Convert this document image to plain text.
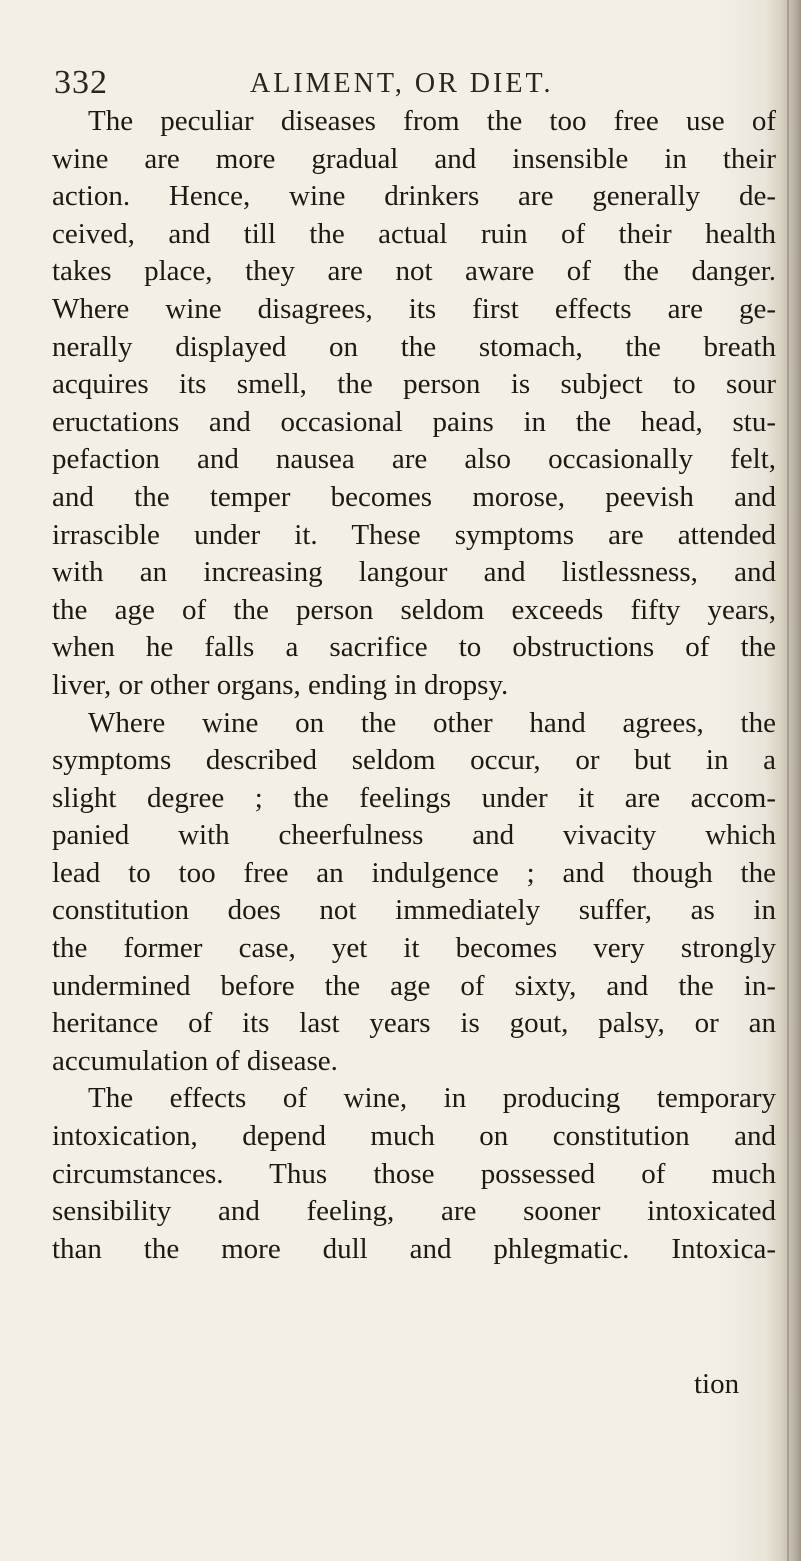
332	ALIMENT, OR DIET.
The peculiar diseases from the too free use of
wine are more gradual and insensible in their
action. Hence, wine drinkers are generally de-
ceived, and till the actual ruin of their health
takes place, they are not aware of the danger.
Where wine disagrees, its first effects are ge-
nerally displayed on the stomach, the breath
acquires its smell, the person is subject to sour
eructations and occasional pains in the head, stu-
pefaction and nausea are also occasionally felt,
and the temper becomes morose, peevish and
irrascible under it. These symptoms are attended
with an increasing langour and listlessness, and
the age of the person seldom exceeds fifty years,
when he falls a sacrifice to obstructions of the
liver, or other organs, ending in dropsy.
Where wine on the other hand agrees, the
symptoms described seldom occur, or but in a
slight degree ; the feelings under it are accom-
panied with cheerfulness and vivacity which
lead to too free an indulgence ; and though the
constitution does not immediately suffer, as in
the former case, yet it becomes very strongly
undermined before the age of sixty, and the in-
heritance of its last years is gout, palsy, or an
accumulation of disease.
The effects of wine, in producing temporary
intoxication, depend much on constitution and
circumstances. Thus those possessed of much
sensibility and feeling, are sooner intoxicated
than the more dull and phlegmatic. Intoxica-
tion
